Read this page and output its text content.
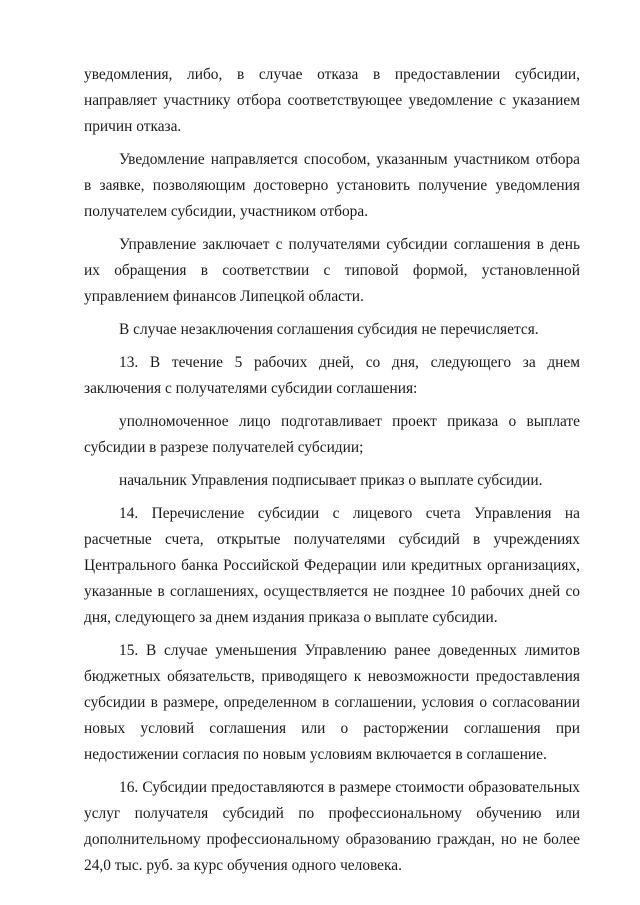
уведомления, либо, в случае отказа в предоставлении субсидии, направляет участнику отбора соответствующее уведомление с указанием причин отказа.

Уведомление направляется способом, указанным участником отбора в заявке, позволяющим достоверно установить получение уведомления получателем субсидии, участником отбора.

Управление заключает с получателями субсидии соглашения в день их обращения в соответствии с типовой формой, установленной управлением финансов Липецкой области.

В случае незаключения соглашения субсидия не перечисляется.

13. В течение 5 рабочих дней, со дня, следующего за днем заключения с получателями субсидии соглашения:

уполномоченное лицо подготавливает проект приказа о выплате субсидии в разрезе получателей субсидии;

начальник Управления подписывает приказ о выплате субсидии.

14. Перечисление субсидии с лицевого счета Управления на расчетные счета, открытые получателями субсидий в учреждениях Центрального банка Российской Федерации или кредитных организациях, указанные в соглашениях, осуществляется не позднее 10 рабочих дней со дня, следующего за днем издания приказа о выплате субсидии.

15. В случае уменьшения Управлению ранее доведенных лимитов бюджетных обязательств, приводящего к невозможности предоставления субсидии в размере, определенном в соглашении, условия о согласовании новых условий соглашения или о расторжении соглашения при недостижении согласия по новым условиям включается в соглашение.

16. Субсидии предоставляются в размере стоимости образовательных услуг получателя субсидий по профессиональному обучению или дополнительному профессиональному образованию граждан, но не более 24,0 тыс. руб. за курс обучения одного человека.
